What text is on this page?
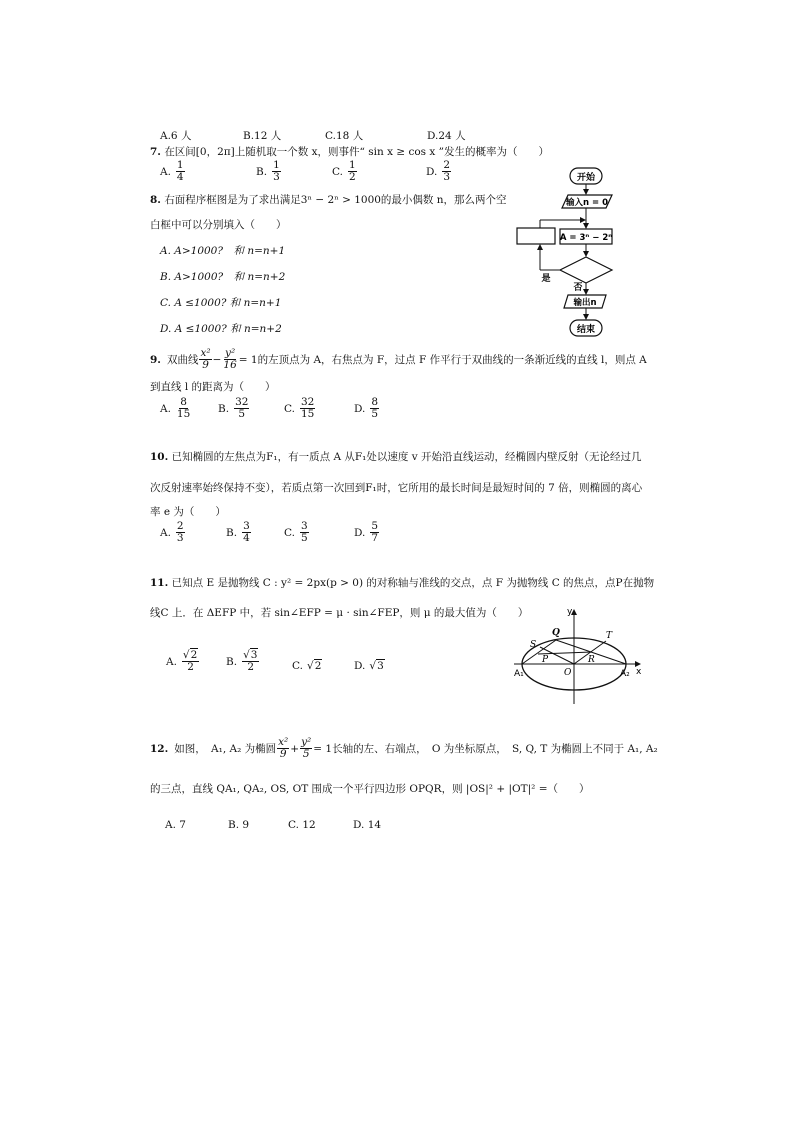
A.6 人	B.12 人	C.18 人	D.24 人
7. 在区间[0，2π]上随机取一个数 x，则事件“ sin x ≥ cos x ”发生的概率为（　　）
A. $\frac{1}{4}$	B. $\frac{1}{3}$	C. $\frac{1}{2}$	D. $\frac{2}{3}$
8. 右面程序框图是为了求出满足3ⁿ − 2ⁿ > 1000的最小偶数 n，那么两个空
白框中可以分别填入（　　）
A. A>1000?　和 n=n+1
B. A>1000?　和 n=n+2
C. A ≤1000? 和 n=n+1
D. A ≤1000? 和 n=n+2
开始
输入n = 0
A = 3ⁿ − 2ⁿ
是
否
输出n
结束
9. 双曲线 $\frac{\text{x²}}{9} - \frac{\text{y²}}{16} = 1$ 的左顶点为 A，右焦点为 F，过点 F 作平行于双曲线的一条渐近线的直线 l，则点 A
到直线 l 的距离为（　　）
A. $\frac{8}{15}$	B. $\frac{32}{5}$	C. $\frac{32}{15}$	D. $\frac{8}{5}$
10. 已知椭圆的左焦点为F₁，有一质点 A 从F₁处以速度 v 开始沿直线运动，经椭圆内壁反射（无论经过几
次反射速率始终保持不变），若质点第一次回到F₁时，它所用的最长时间是最短时间的 7 倍，则椭圆的离心
率 e 为（　　）
A. $\frac{2}{3}$	B. $\frac{3}{4}$	C. $\frac{3}{5}$	D. $\frac{5}{7}$
11. 已知点 E 是抛物线 C : y² = 2px(p > 0) 的对称轴与准线的交点，点 F 为抛物线 C 的焦点，点P在抛物
线C 上．在 ΔEFP 中，若 sin∠EFP = μ · sin∠FEP，则 μ 的最大值为（　　）
A. $\frac{√2}{2}$	B. $\frac{√3}{2}$	C. √2	D. √3
y
x
Q	T
S
P	R
O
A₁	A₂
12. 如图，　A₁, A₂ 为椭圆 $\frac{\text{x²}}{9} + \frac{\text{y²}}{5} = 1$ 长轴的左、右端点，　O 为坐标原点，　S, Q, T 为椭圆上不同于 A₁, A₂
的三点，直线 QA₁, QA₂, OS, OT 围成一个平行四边形 OPQR，则 |OS|² + |OT|² =（　　）
A. 7	B. 9	C. 12	D. 14
